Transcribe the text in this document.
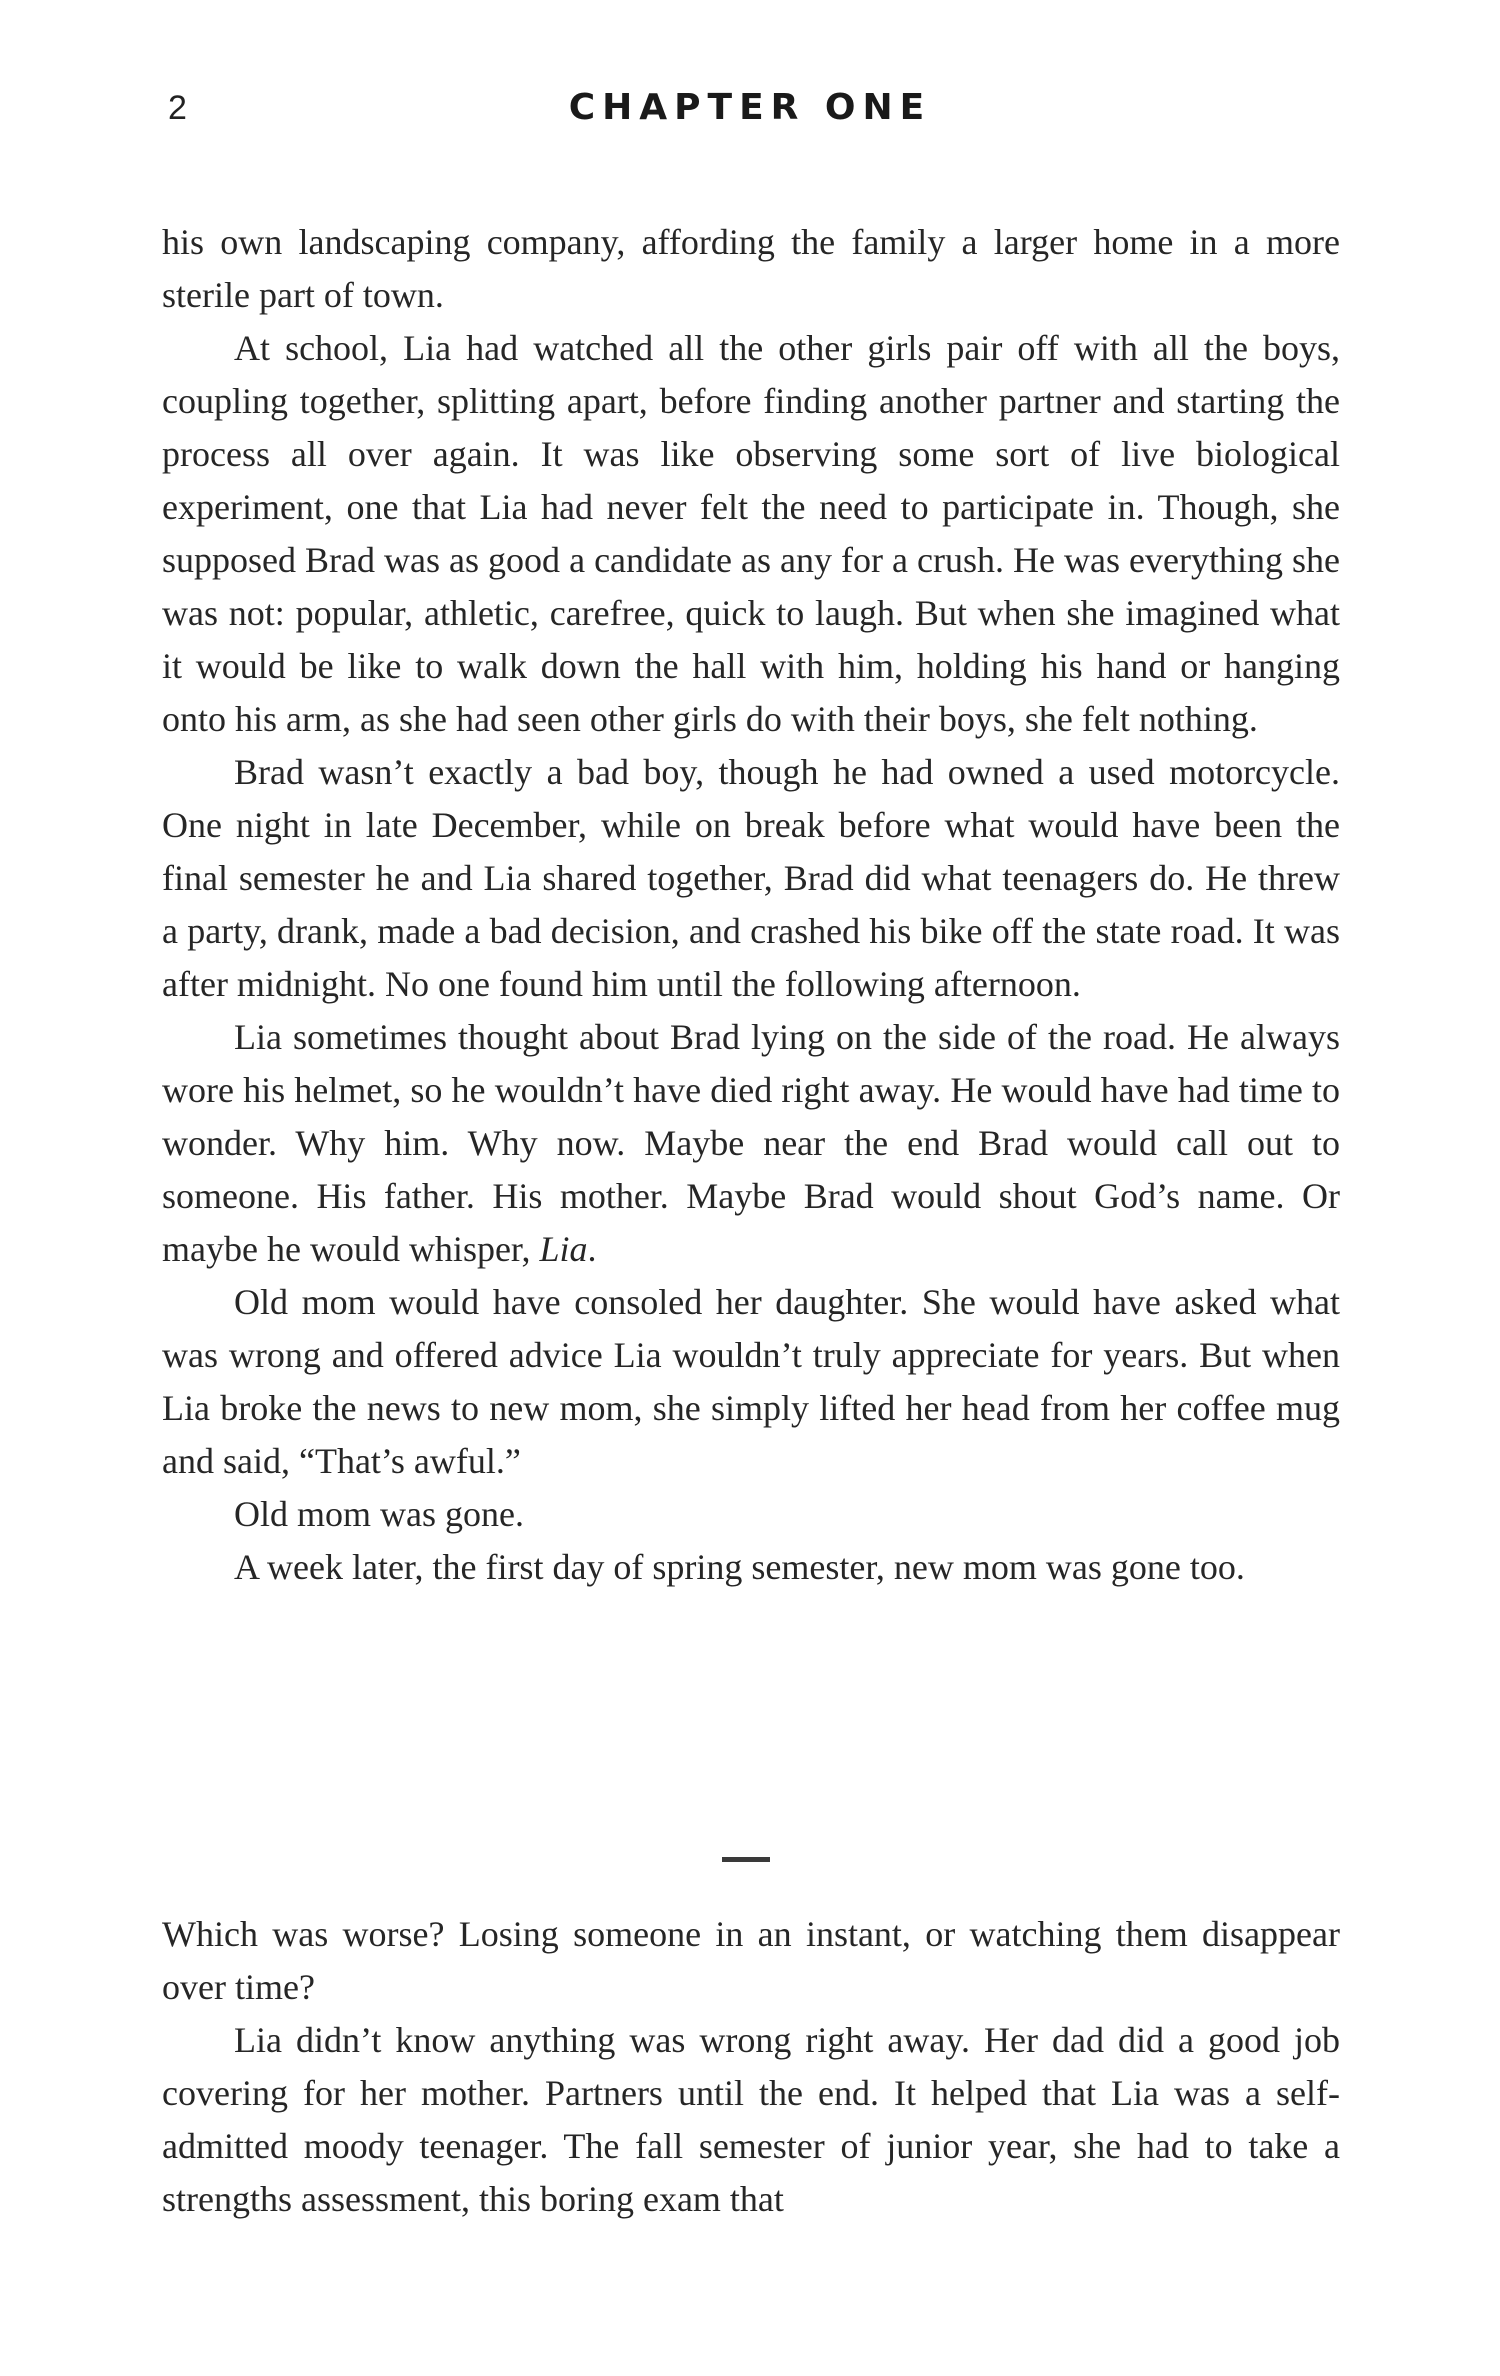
2	CHAPTER ONE

his own landscaping company, affording the family a larger home in a more sterile part of town.

At school, Lia had watched all the other girls pair off with all the boys, coupling together, splitting apart, before finding another partner and starting the process all over again. It was like observing some sort of live biological experiment, one that Lia had never felt the need to participate in. Though, she supposed Brad was as good a candidate as any for a crush. He was everything she was not: popular, athletic, carefree, quick to laugh. But when she imagined what it would be like to walk down the hall with him, holding his hand or hanging onto his arm, as she had seen other girls do with their boys, she felt nothing.

Brad wasn’t exactly a bad boy, though he had owned a used motorcycle. One night in late December, while on break before what would have been the final semester he and Lia shared together, Brad did what teenagers do. He threw a party, drank, made a bad decision, and crashed his bike off the state road. It was after midnight. No one found him until the following afternoon.

Lia sometimes thought about Brad lying on the side of the road. He always wore his helmet, so he wouldn’t have died right away. He would have had time to wonder. Why him. Why now. Maybe near the end Brad would call out to someone. His father. His mother. Maybe Brad would shout God’s name. Or maybe he would whisper, Lia.

Old mom would have consoled her daughter. She would have asked what was wrong and offered advice Lia wouldn’t truly appreciate for years. But when Lia broke the news to new mom, she simply lifted her head from her coffee mug and said, “That’s awful.”

Old mom was gone.

A week later, the first day of spring semester, new mom was gone too.

Which was worse? Losing someone in an instant, or watching them disappear over time?

Lia didn’t know anything was wrong right away. Her dad did a good job covering for her mother. Partners until the end. It helped that Lia was a self-admitted moody teenager. The fall semester of junior year, she had to take a strengths assessment, this boring exam that
